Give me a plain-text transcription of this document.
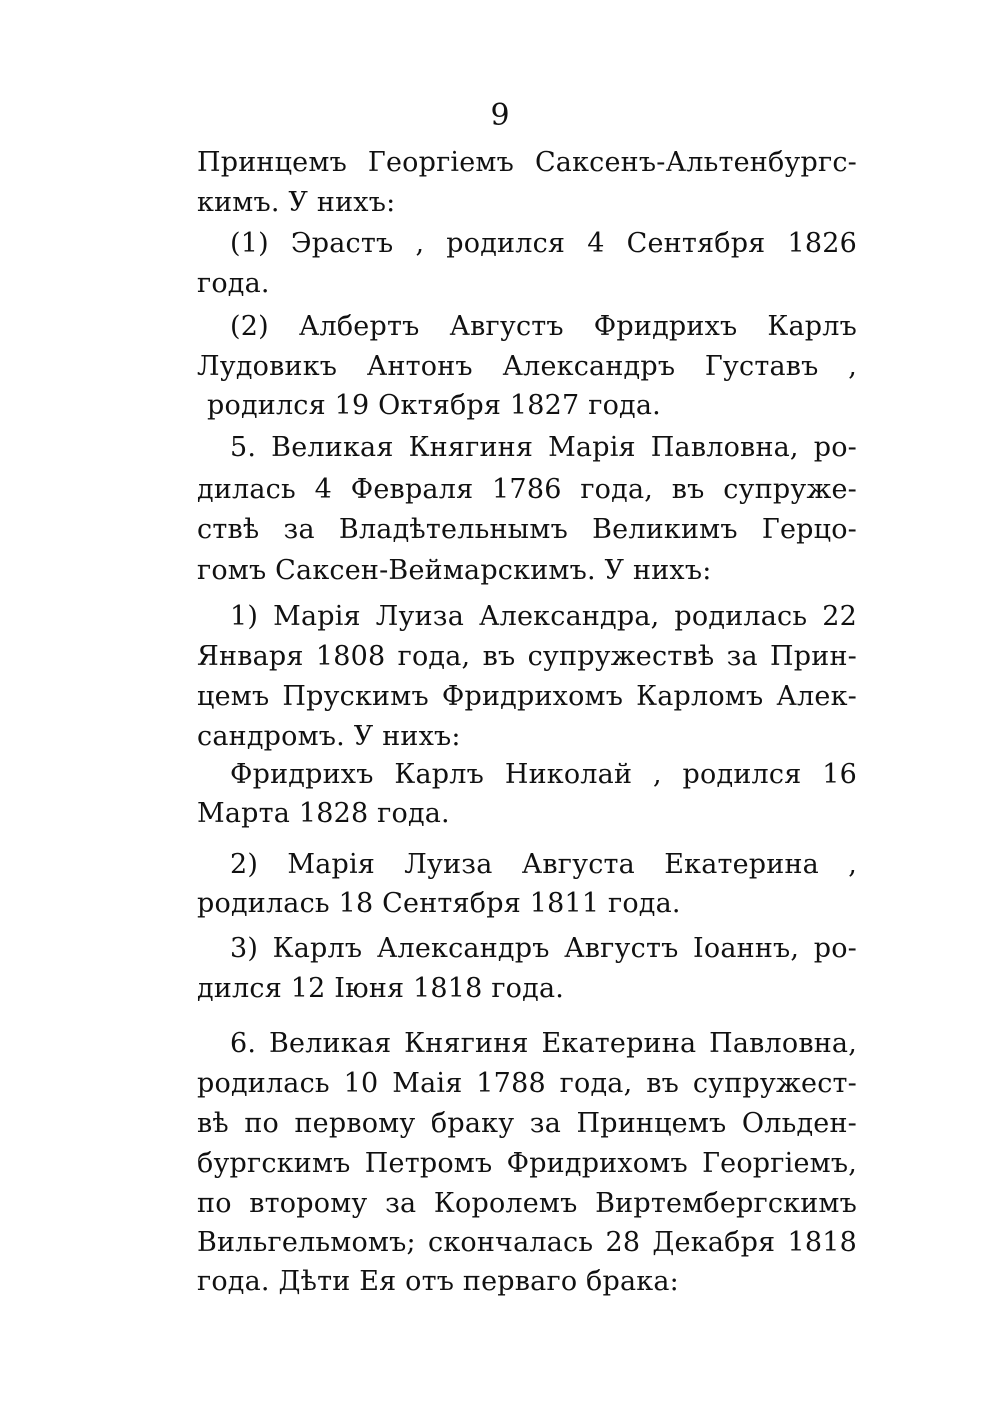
9
Принцемъ Георгіемъ Саксенъ-Альтенбургс-
кимъ. У нихъ:
(1) Эрастъ , родился 4 Сентября 1826
года.
(2) Албертъ Августъ Фридрихъ Карлъ
Лудовикъ Антонъ Александръ Густавъ ,
родился 19 Октября 1827 года.
5. Великая Княгиня Марія Павловна, ро-
дилась 4 Февраля 1786 года, въ супруже-
ствѣ за Владѣтельнымъ Великимъ Герцо-
гомъ Саксен-Веймарскимъ. У нихъ:
1) Марія Луиза Александра, родилась 22
Января 1808 года, въ супружествѣ за Прин-
цемъ Прускимъ Фридрихомъ Карломъ Алек-
сандромъ. У нихъ:
Фридрихъ Карлъ Николай , родился 16
Марта 1828 года.
2) Марія Луиза Августа Екатерина ,
родилась 18 Сентября 1811 года.
3) Карлъ Александръ Августъ Іоаннъ, ро-
дился 12 Іюня 1818 года.
6. Великая Княгиня Екатерина Павловна,
родилась 10 Маія 1788 года, въ супружест-
вѣ по первому браку за Принцемъ Ольден-
бургскимъ Петромъ Фридрихомъ Георгіемъ,
по второму за Королемъ Виртембергскимъ
Вильгельмомъ; скончалась 28 Декабря 1818
года. Дѣти Ея отъ перваго брака:
